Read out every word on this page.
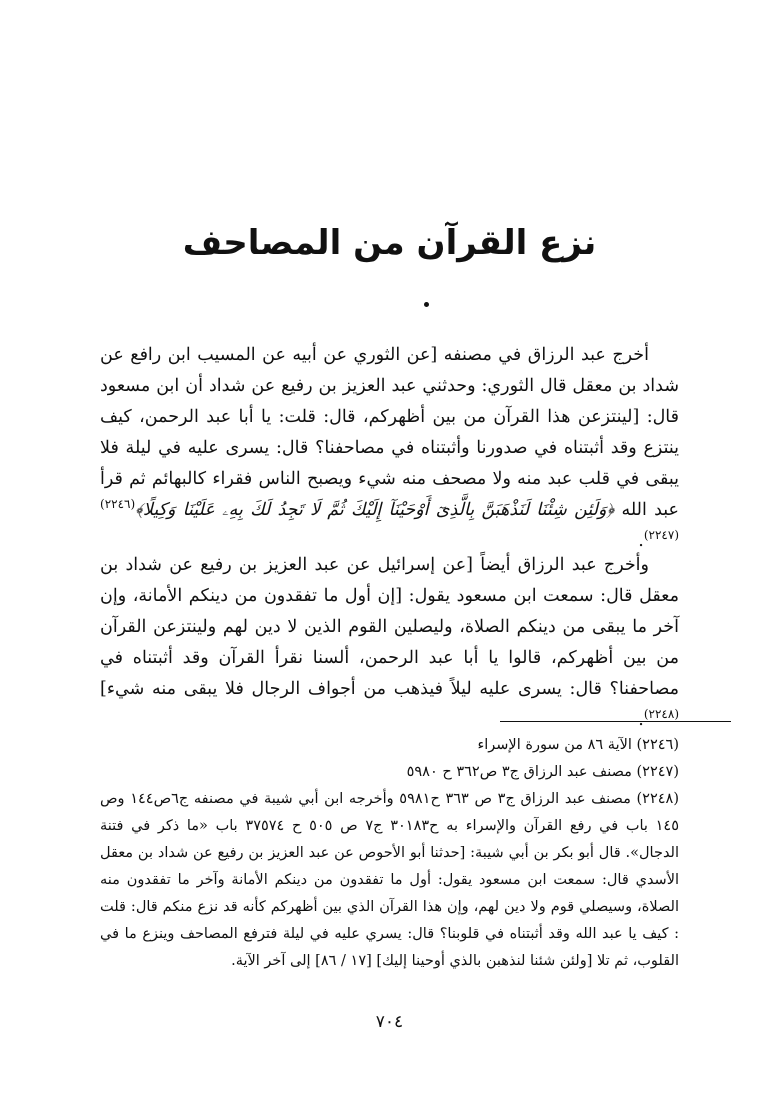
نزع القرآن من المصاحف

أخرج عبد الرزاق في مصنفه [عن الثوري عن أبيه عن المسيب ابن رافع عن شداد بن معقل قال الثوري: وحدثني عبد العزيز بن رفيع عن شداد أن ابن مسعود قال: [لينتزعن هذا القرآن من بين أظهركم، قال: قلت: يا أبا عبد الرحمن، كيف ينتزع وقد أثبتناه في صدورنا وأثبتناه في مصاحفنا؟ قال: يسرى عليه في ليلة فلا يبقى في قلب عبد منه ولا مصحف منه شيء ويصبح الناس فقراء كالبهائم ثم قرأ عبد الله ﴿وَلَئِن شِئْنَا لَنَذْهَبَنَّ بِالَّذِىٓ أَوْحَيْنَآ إِلَيْكَ ثُمَّ لَا تَجِدُ لَكَ بِهِۦ عَلَيْنَا وَكِيلًا﴾$^{(٢٢٤٦)(٢٢٤٧)}$.

وأخرج عبد الرزاق أيضاً [عن إسرائيل عن عبد العزيز بن رفيع عن شداد بن معقل قال: سمعت ابن مسعود يقول: [إن أول ما تفقدون من دينكم الأمانة، وإن آخر ما يبقى من دينكم الصلاة، وليصلين القوم الذين لا دين لهم ولينتزعن القرآن من بين أظهركم، قالوا يا أبا عبد الرحمن، ألسنا نقرأ القرآن وقد أثبتناه في مصاحفنا؟ قال: يسرى عليه ليلاً فيذهب من أجواف الرجال فلا يبقى منه شيء]$^{(٢٢٤٨)}$.

(٢٢٤٦) الآية ٨٦ من سورة الإسراء

(٢٢٤٧) مصنف عبد الرزاق ج٣ ص٣٦٢ ح ٥٩٨٠

(٢٢٤٨) مصنف عبد الرزاق ج٣ ص ٣٦٣ ح٥٩٨١ وأخرجه ابن أبي شيبة في مصنفه ج٦ص١٤٤ وص ١٤٥ باب في رفع القرآن والإسراء به ح٣٠١٨٣ ج٧ ص ٥٠٥ ح ٣٧٥٧٤ باب «ما ذكر في فتنة الدجال». قال أبو بكر بن أبي شيبة: [حدثنا أبو الأحوص عن عبد العزيز بن رفيع عن شداد بن معقل الأسدي قال: سمعت ابن مسعود يقول: أول ما تفقدون من دينكم الأمانة وآخر ما تفقدون منه الصلاة، وسيصلي قوم ولا دين لهم، وإن هذا القرآن الذي بين أظهركم كأنه قد نزع منكم قال: قلت : كيف يا عبد الله وقد أثبتناه في قلوبنا؟ قال: يسري عليه في ليلة فترفع المصاحف وينزع ما في القلوب، ثم تلا [ولئن شئنا لنذهبن بالذي أوحينا إليك] [١٧ / ٨٦] إلى آخر الآية.

٧٠٤
